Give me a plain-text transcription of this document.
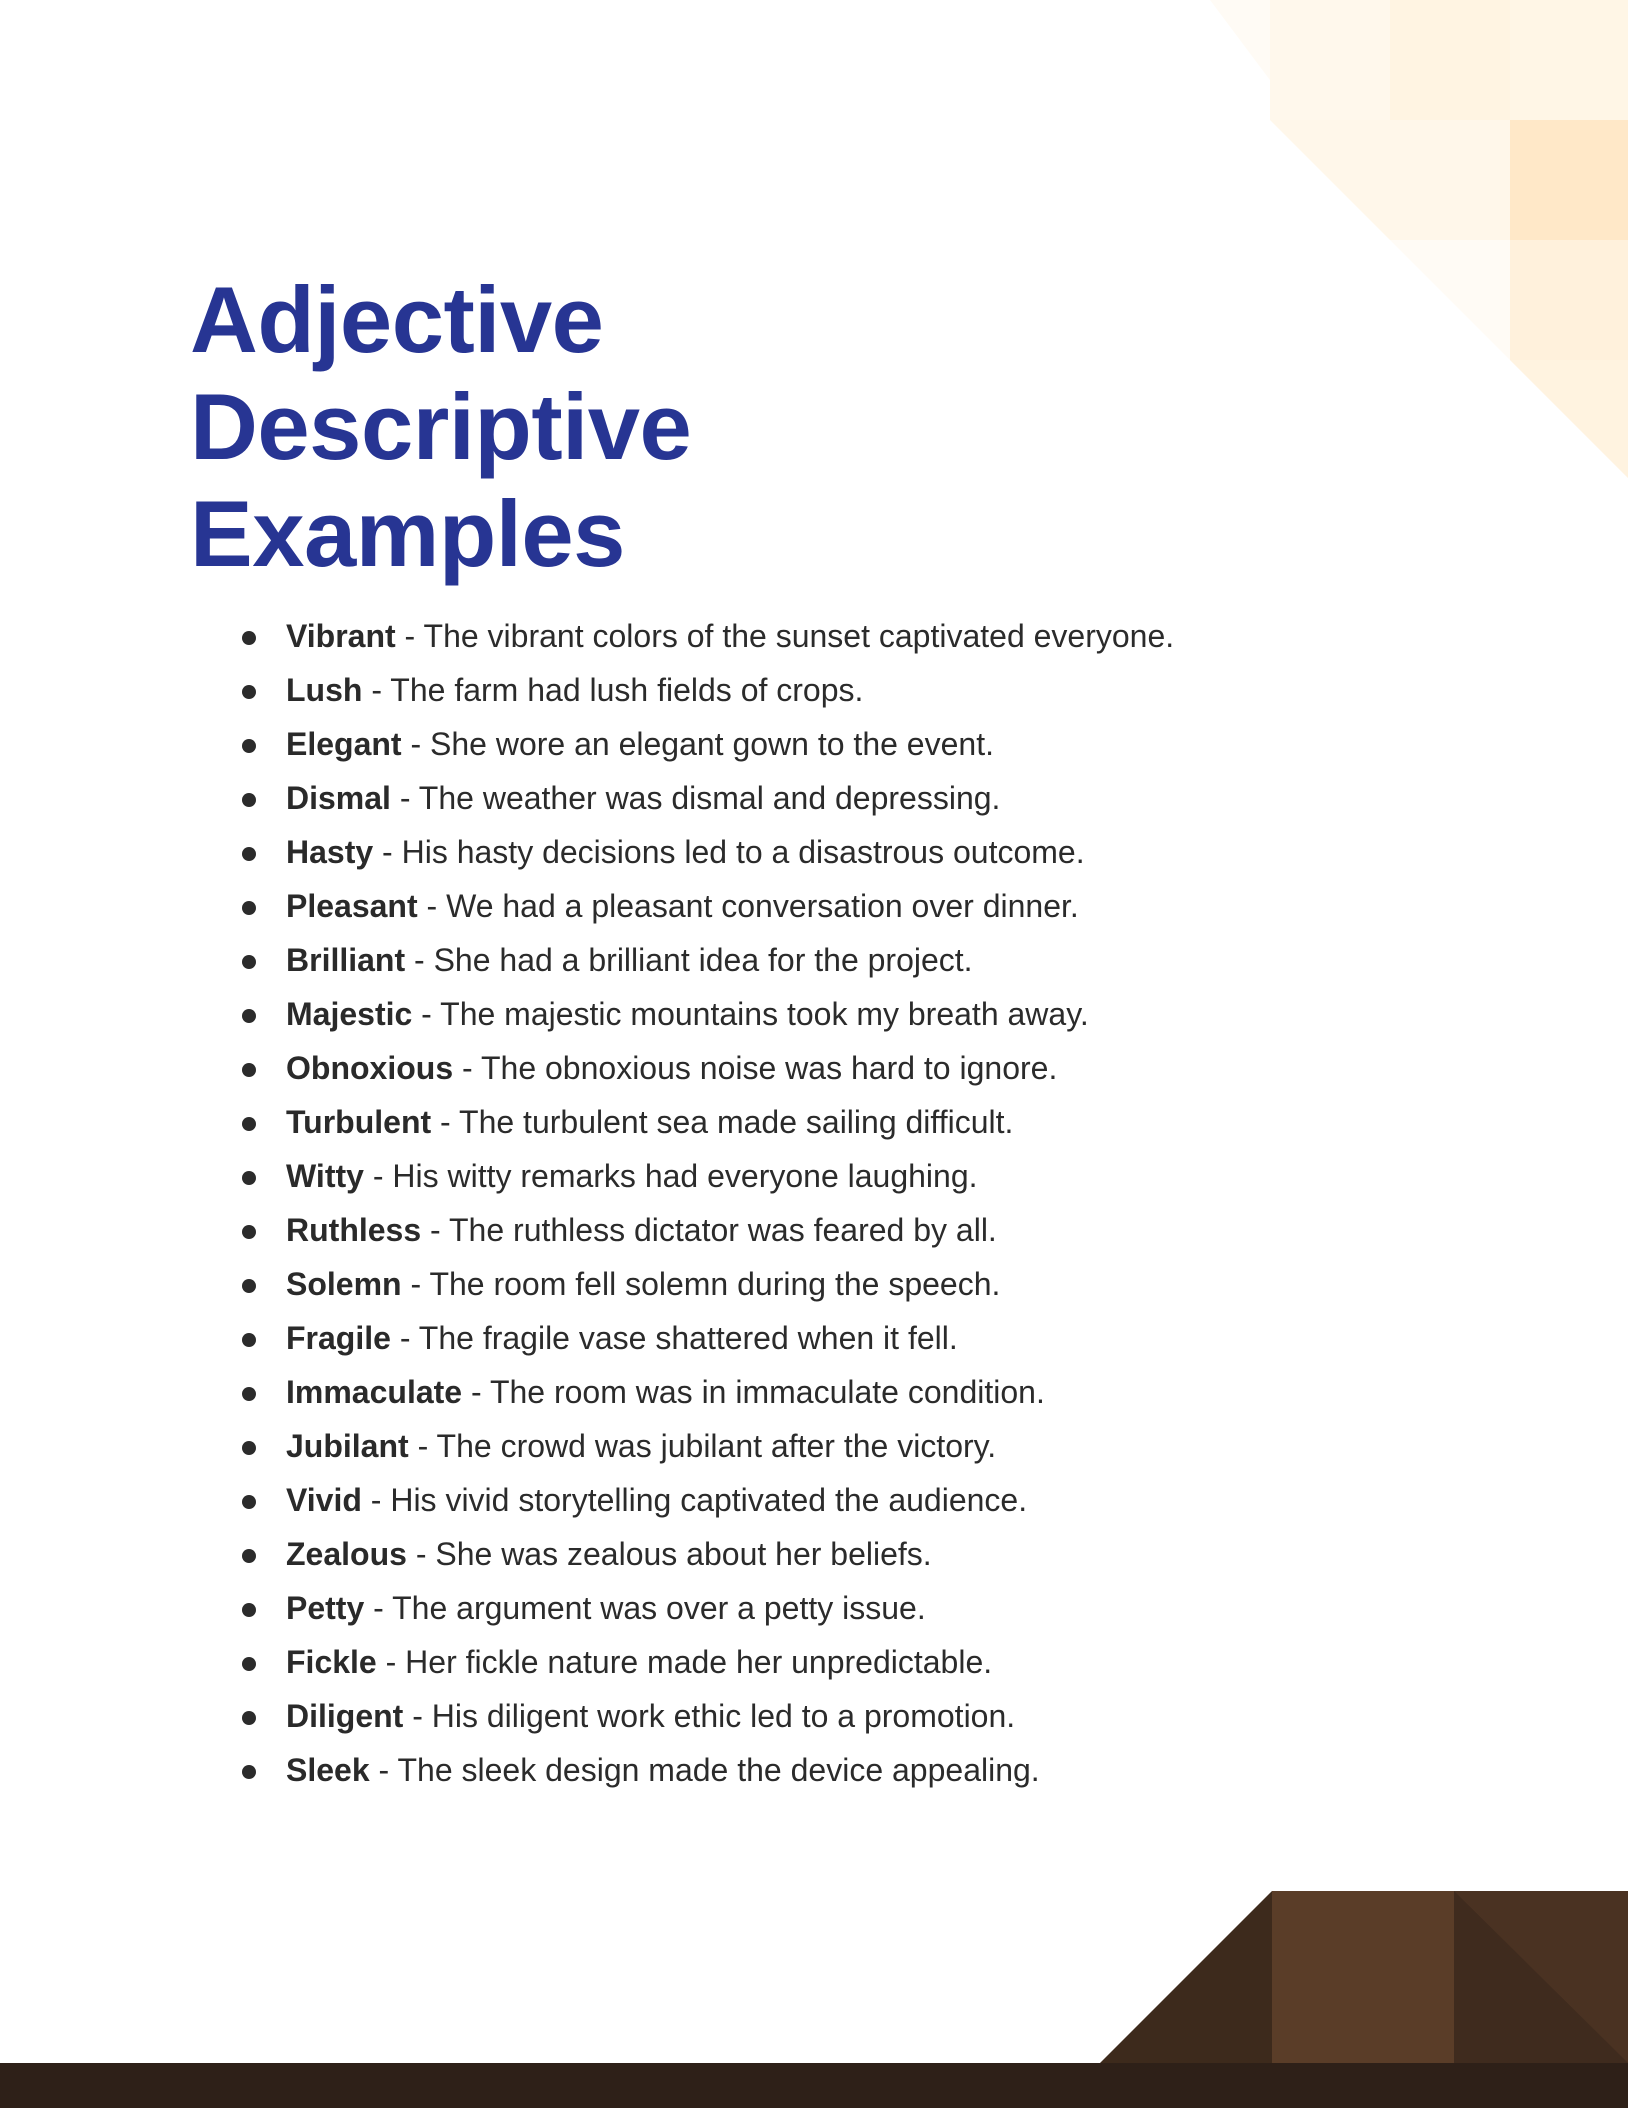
Adjective
Descriptive
Examples
Vibrant - The vibrant colors of the sunset captivated everyone.
Lush - The farm had lush fields of crops.
Elegant - She wore an elegant gown to the event.
Dismal - The weather was dismal and depressing.
Hasty - His hasty decisions led to a disastrous outcome.
Pleasant - We had a pleasant conversation over dinner.
Brilliant - She had a brilliant idea for the project.
Majestic - The majestic mountains took my breath away.
Obnoxious - The obnoxious noise was hard to ignore.
Turbulent - The turbulent sea made sailing difficult.
Witty - His witty remarks had everyone laughing.
Ruthless - The ruthless dictator was feared by all.
Solemn - The room fell solemn during the speech.
Fragile - The fragile vase shattered when it fell.
Immaculate - The room was in immaculate condition.
Jubilant - The crowd was jubilant after the victory.
Vivid - His vivid storytelling captivated the audience.
Zealous - She was zealous about her beliefs.
Petty - The argument was over a petty issue.
Fickle - Her fickle nature made her unpredictable.
Diligent - His diligent work ethic led to a promotion.
Sleek - The sleek design made the device appealing.
